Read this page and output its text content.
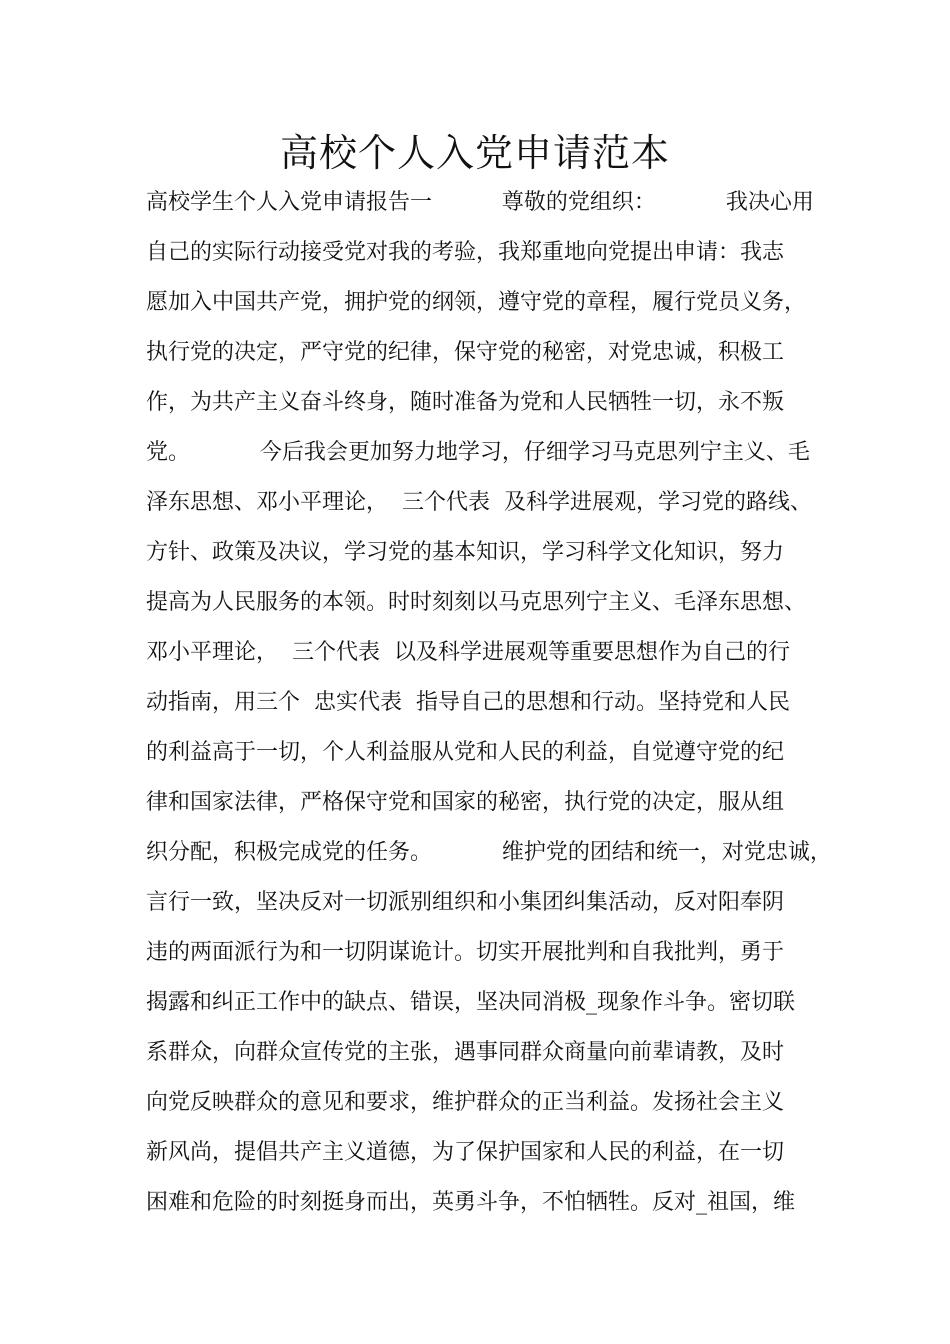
高校个人入党申请范本
高校学生个人入党申请报告一          尊敬的党组织：          我决心用
自己的实际行动接受党对我的考验，我郑重地向党提出申请：我志
愿加入中国共产党，拥护党的纲领，遵守党的章程，履行党员义务，
执行党的决定，严守党的纪律，保守党的秘密，对党忠诚，积极工
作，为共产主义奋斗终身，随时准备为党和人民牺牲一切，永不叛
党。          今后我会更加努力地学习，仔细学习马克思列宁主义、毛
泽东思想、邓小平理论，  三个代表  及科学进展观，学习党的路线、
方针、政策及决议，学习党的基本知识，学习科学文化知识，努力
提高为人民服务的本领。时时刻刻以马克思列宁主义、毛泽东思想、
邓小平理论，  三个代表  以及科学进展观等重要思想作为自己的行
动指南，用三个  忠实代表  指导自己的思想和行动。坚持党和人民
的利益高于一切，个人利益服从党和人民的利益，自觉遵守党的纪
律和国家法律，严格保守党和国家的秘密，执行党的决定，服从组
织分配，积极完成党的任务。          维护党的团结和统一，对党忠诚，
言行一致，坚决反对一切派别组织和小集团纠集活动，反对阳奉阴
违的两面派行为和一切阴谋诡计。切实开展批判和自我批判，勇于
揭露和纠正工作中的缺点、错误，坚决同消极_现象作斗争。密切联
系群众，向群众宣传党的主张，遇事同群众商量向前辈请教，及时
向党反映群众的意见和要求，维护群众的正当利益。发扬社会主义
新风尚，提倡共产主义道德，为了保护国家和人民的利益，在一切
困难和危险的时刻挺身而出，英勇斗争，不怕牺牲。反对_祖国，维
